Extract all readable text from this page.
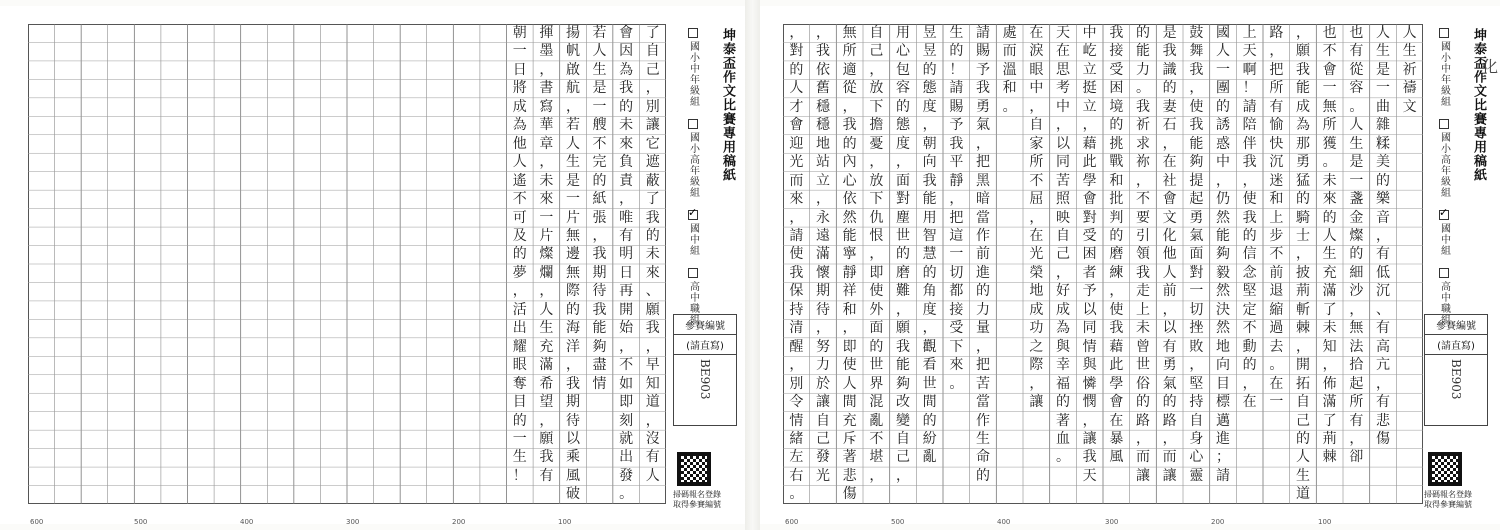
了
自
己
，
別
讓
它
遮
蔽
了
我
的
未
來
、
願
我
，
早
知
道
，
沒
有
人
會
因
為
我
的
未
來
負
責
，
唯
有
明
日
再
開
始
，
不
如
即
刻
就
出
發
。
若
人
生
是
一
艘
不
完
的
紙
張
，
我
期
待
我
能
夠
盡
情
揚
帆
啟
航
，
若
人
生
是
一
片
無
邊
無
際
的
海
洋
，
我
期
待
以
乘
風
破
揮
墨
，
書
寫
華
章
，
未
來
一
片
燦
爛
，
人
生
充
滿
希
望
，
願
我
有
朝
一
日
將
成
為
他
人
遙
不
可
及
的
夢
，
活
出
耀
眼
奪
目
的
一
生
！
坤泰盃作文比賽專用稿紙
國小中年級組
國小高年級組
✓
國中組
高中職組
參賽編號
(請直寫)
BE903
掃碼報名登錄
取得參賽編號
100
200
300
400
500
600
人
生
祈
禱
文
人
生
是
一
曲
雜
糅
美
的
樂
音
，
有
低
沉
、
有
高
亢
，
有
悲
傷
也
有
從
容
。
人
生
是
一
盞
金
燦
的
細
沙
，
無
法
拾
起
所
有
，
卻
也
不
會
一
無
所
獲
。
未
來
的
人
生
充
滿
了
未
知
，
佈
滿
了
荊
棘
，
願
我
能
成
為
那
勇
猛
的
騎
士
，
披
荊
斬
棘
，
開
拓
自
己
的
人
生
道
路
，
把
所
有
愉
快
沉
迷
和
上
步
不
前
退
縮
過
去
。
在
一
上
天
啊
！
請
陪
伴
我
，
使
我
的
信
念
堅
定
不
動
的
，
在
國
人
一
團
的
誘
惑
中
，
仍
然
能
夠
毅
然
決
然
地
向
目
標
邁
進
；
請
鼓
舞
我
，
使
我
能
夠
提
起
勇
氣
面
對
一
切
挫
敗
，
堅
持
自
身
心
靈
是
我
識
的
妻
石
，
在
社
會
文
化
他
人
前
，
以
有
勇
氣
的
路
，
而
讓
的
能
力
。
我
祈
求
祢
，
不
要
引
領
我
走
上
未
曾
世
俗
的
路
，
而
讓
我
接
受
困
境
的
挑
戰
和
批
判
的
磨
練
，
使
我
藉
此
學
會
在
暴
風
中
屹
立
挺
立
，
藉
此
學
會
對
受
困
者
予
以
同
情
與
憐
憫
，
讓
我
天
天
在
思
考
中
，
以
同
苦
照
映
自
己
，
好
成
為
與
幸
福
的
著
血
。
在
淚
眼
中
，
自
家
所
不
屈
，
在
光
榮
地
成
功
之
際
，
讓
處
而
溫
和
。
請
賜
予
我
勇
氣
，
把
黑
暗
當
作
前
進
的
力
量
，
把
苦
當
作
生
命
的
生
的
！
請
賜
予
我
平
靜
，
把
這
一
切
都
接
受
下
來
。
昱
昱
的
態
度
，
朝
向
我
能
用
智
慧
的
角
度
，
觀
看
世
間
的
紛
亂
用
心
包
容
的
態
度
，
面
對
塵
世
的
磨
難
，
願
我
能
夠
改
變
自
己
，
自
己
，
放
下
擔
憂
，
放
下
仇
恨
，
即
使
外
面
的
世
界
混
亂
不
堪
，
無
所
適
從
，
我
的
內
心
依
然
能
寧
靜
祥
和
，
即
使
人
間
充
斥
著
悲
傷
，
我
依
舊
穩
穩
地
站
立
，
永
遠
滿
懷
期
待
，
努
力
於
讓
自
己
發
光
，
對
的
人
才
會
迎
光
而
來
，
請
使
我
保
持
清
醒
，
別
令
情
緒
左
右
。
坤泰盃作文比賽專用稿紙
國小中年級組
國小高年級組
✓
國中組
高中職組
參賽編號
(請直寫)
BE903
掃碼報名登錄
取得參賽編號
100
200
300
400
500
600
化
